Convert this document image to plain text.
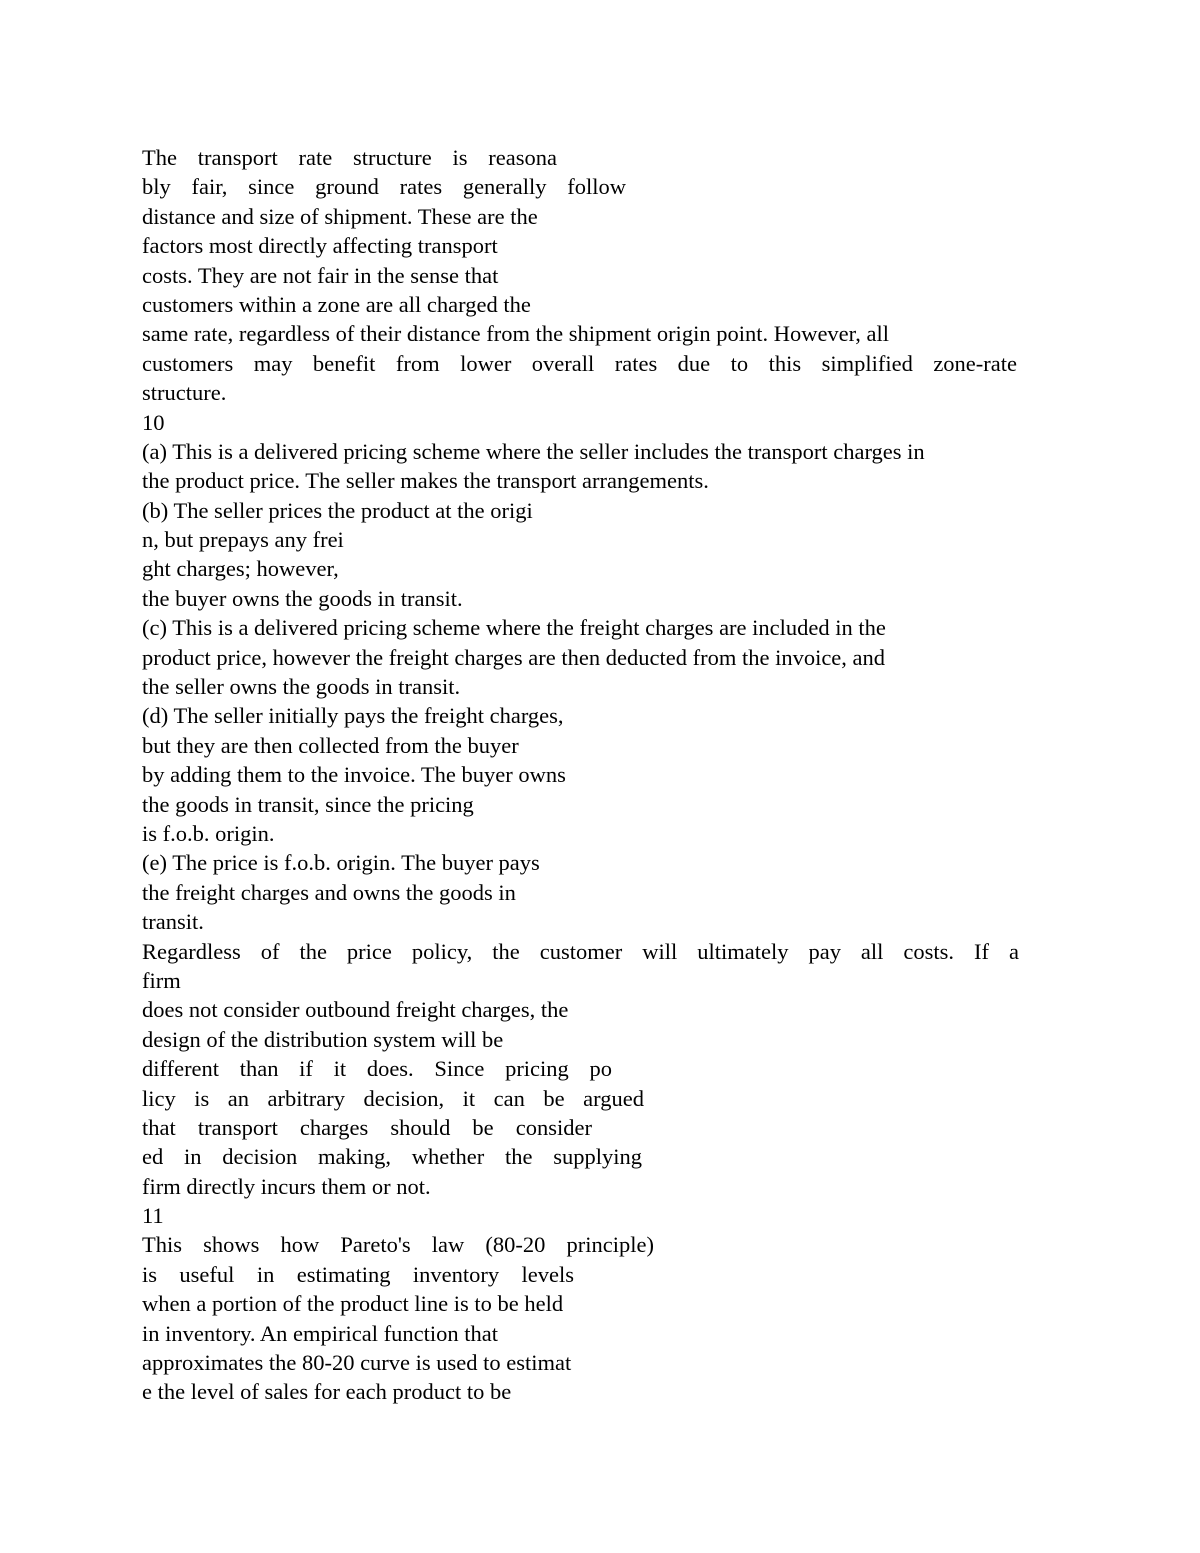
The transport rate structure is reasona
bly fair, since ground rates generally follow
distance and size of shipment. These are the
factors most directly affecting transport
costs. They are not fair in the sense that
customers within a zone are all charged the
same rate, regardless of their distance from the shipment origin point. However, all
customers may benefit from lower overall rates due to this simplified zone-rate
structure.
10
(a) This is a delivered pricing scheme where the seller includes the transport charges in
the product price. The seller makes the transport arrangements.
(b) The seller prices the product at the origi
n, but prepays any frei
ght charges; however,
the buyer owns the goods in transit.
(c) This is a delivered pricing scheme where the freight charges are included in the
product price, however the freight charges are then deducted from the invoice, and
the seller owns the goods in transit.
(d) The seller initially pays the freight charges,
but they are then collected from the buyer
by adding them to the invoice. The buyer owns
the goods in transit, since the pricing
is f.o.b. origin.
(e) The price is f.o.b. origin. The buyer pays
the freight charges and owns the goods in
transit.
Regardless of the price policy, the customer will ultimately pay all costs. If a
firm
does not consider outbound freight charges, the
design of the distribution system will be
different than if it does. Since pricing po
licy is an arbitrary decision, it can be argued
that transport charges should be consider
ed in decision making, whether the supplying
firm directly incurs them or not.
11
This shows how Pareto's law (80-20 principle)
is useful in estimating inventory levels
when a portion of the product line is to be held
in inventory. An empirical function that
approximates the 80-20 curve is used to estimat
e the level of sales for each product to be
